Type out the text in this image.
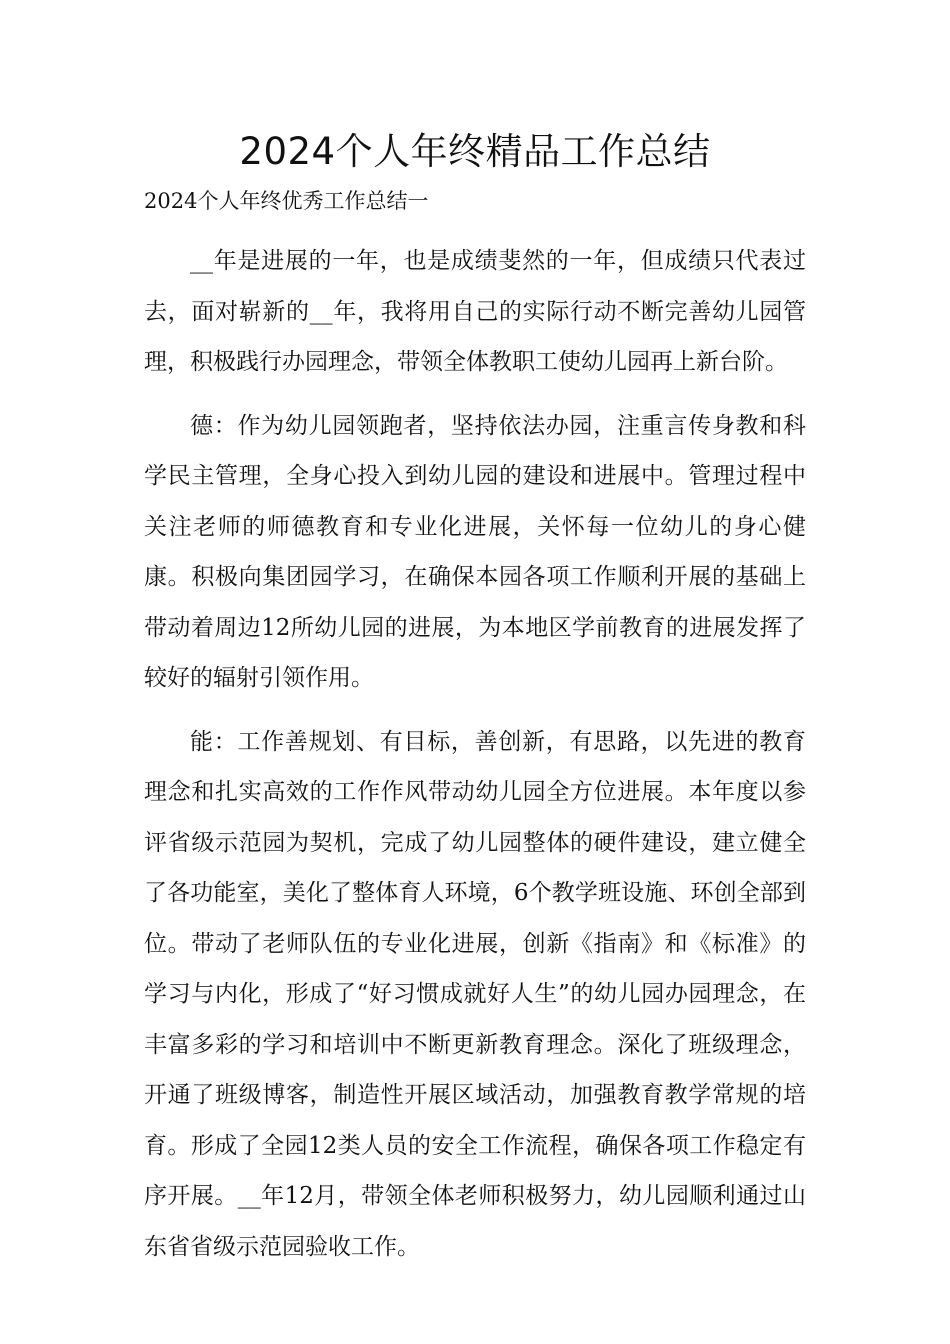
2024个人年终精品工作总结

2024个人年终优秀工作总结一

__年是进展的一年，也是成绩斐然的一年，但成绩只代表过去，面对崭新的__年，我将用自己的实际行动不断完善幼儿园管理，积极践行办园理念，带领全体教职工使幼儿园再上新台阶。

德：作为幼儿园领跑者，坚持依法办园，注重言传身教和科学民主管理，全身心投入到幼儿园的建设和进展中。管理过程中关注老师的师德教育和专业化进展，关怀每一位幼儿的身心健康。积极向集团园学习，在确保本园各项工作顺利开展的基础上带动着周边12所幼儿园的进展，为本地区学前教育的进展发挥了较好的辐射引领作用。

能：工作善规划、有目标，善创新，有思路，以先进的教育理念和扎实高效的工作作风带动幼儿园全方位进展。本年度以参评省级示范园为契机，完成了幼儿园整体的硬件建设，建立健全了各功能室，美化了整体育人环境，6个教学班设施、环创全部到位。带动了老师队伍的专业化进展，创新《指南》和《标准》的学习与内化，形成了“好习惯成就好人生”的幼儿园办园理念，在丰富多彩的学习和培训中不断更新教育理念。深化了班级理念，开通了班级博客，制造性开展区域活动，加强教育教学常规的培育。形成了全园12类人员的安全工作流程，确保各项工作稳定有序开展。__年12月，带领全体老师积极努力，幼儿园顺利通过山东省省级示范园验收工作。
